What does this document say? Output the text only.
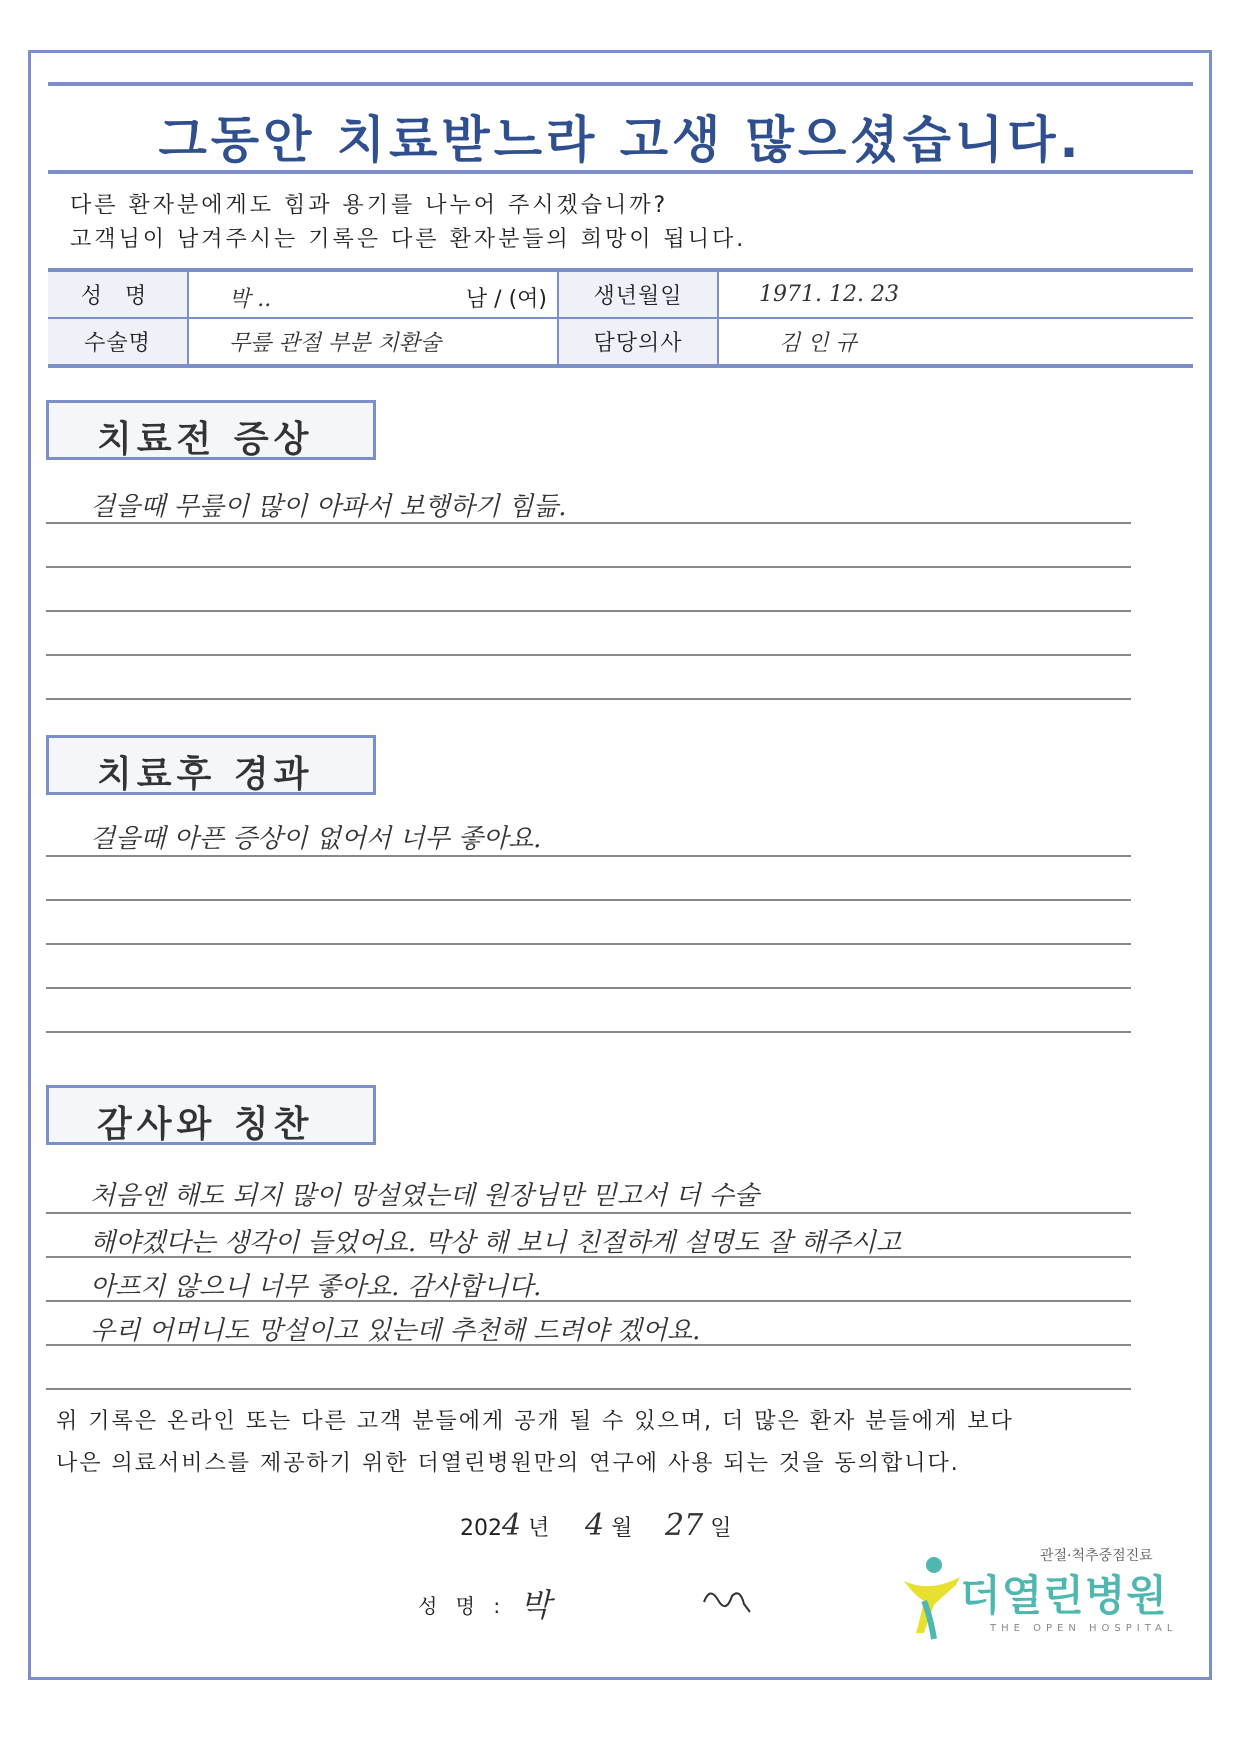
그동안 치료받느라 고생 많으셨습니다.
다른 환자분에게도 힘과 용기를 나누어 주시겠습니까?
고객님이 남겨주시는 기록은 다른 환자분들의 희망이 됩니다.
성 명	박 .. 남 / (여)	생년월일	1971. 12. 23
수술명	무릎 관절 부분 치환술	담당의사	김 인 규
치료전 증상
걸을때 무릎이 많이 아파서 보행하기 힘듦.
치료후 경과
걸을때 아픈 증상이 없어서 너무 좋아요.
감사와 칭찬
처음엔 해도 되지 많이 망설였는데 원장님만 믿고서 더 수술
해야겠다는 생각이 들었어요. 막상 해 보니 친절하게 설명도 잘 해주시고
아프지 않으니 너무 좋아요. 감사합니다.
우리 어머니도 망설이고 있는데 추천해 드려야 겠어요.
위 기록은 온라인 또는 다른 고객 분들에게 공개 될 수 있으며, 더 많은 환자 분들에게 보다
나은 의료서비스를 제공하기 위한 더열린병원만의 연구에 사용 되는 것을 동의합니다.
2024 년 4 월 27 일
성 명 : 박
관절·척추중점진료
더열린병원
THE OPEN HOSPITAL
